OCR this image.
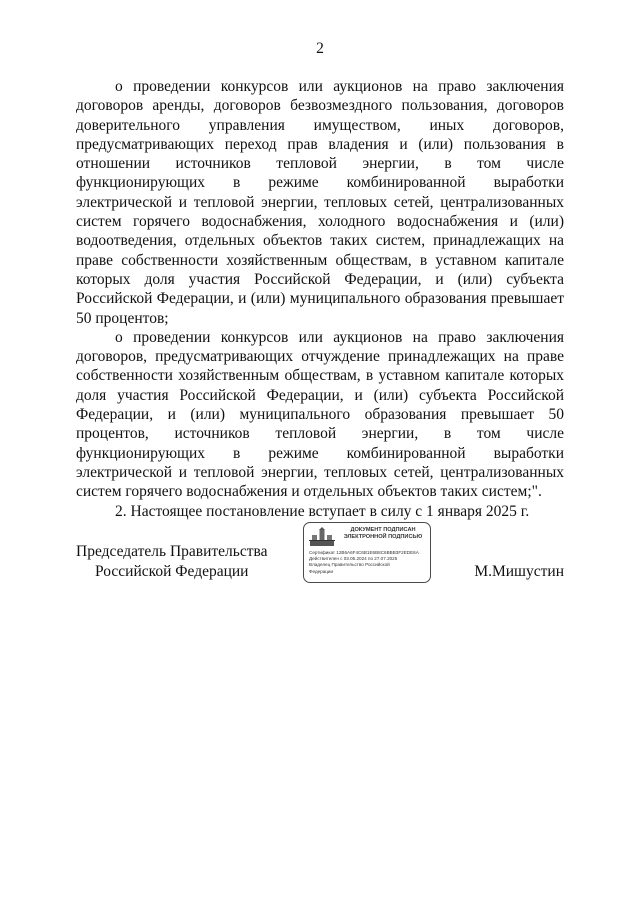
2

о проведении конкурсов или аукционов на право заключения договоров аренды, договоров безвозмездного пользования, договоров доверительного управления имуществом, иных договоров, предусматривающих переход прав владения и (или) пользования в отношении источников тепловой энергии, в том числе функционирующих в режиме комбинированной выработки электрической и тепловой энергии, тепловых сетей, централизованных систем горячего водоснабжения, холодного водоснабжения и (или) водоотведения, отдельных объектов таких систем, принадлежащих на праве собственности хозяйственным обществам, в уставном капитале которых доля участия Российской Федерации, и (или) субъекта Российской Федерации, и (или) муниципального образования превышает 50 процентов;

о проведении конкурсов или аукционов на право заключения договоров, предусматривающих отчуждение принадлежащих на праве собственности хозяйственным обществам, в уставном капитале которых доля участия Российской Федерации, и (или) субъекта Российской Федерации, и (или) муниципального образования превышает 50 процентов, источников тепловой энергии, в том числе функционирующих в режиме комбинированной выработки электрической и тепловой энергии, тепловых сетей, централизованных систем горячего водоснабжения и отдельных объектов таких систем;".

2. Настоящее постановление вступает в силу с 1 января 2025 г.

Председатель Правительства
Российской Федерации
ДОКУМЕНТ ПОДПИСАН
ЭЛЕКТРОННОЙ ПОДПИСЬЮ
Сертификат 12B6A6F4C6B1E6B8C6BBB3F2EDE6A
Действителен с 03.05.2024 по 27.07.2025
Владелец Правительство Российской
Федерации	М.Мишустин
